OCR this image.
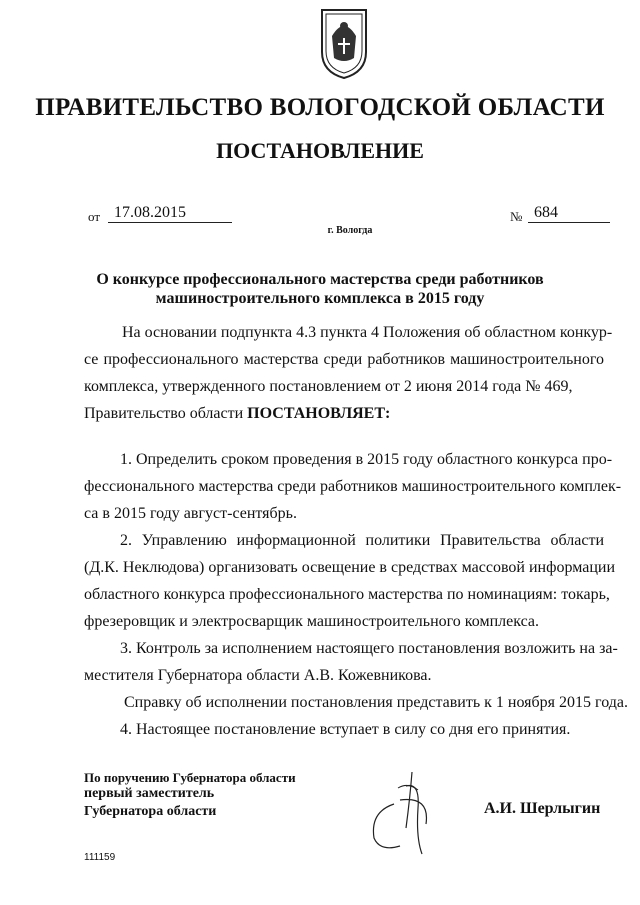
ПРАВИТЕЛЬСТВО ВОЛОГОДСКОЙ ОБЛАСТИ
ПОСТАНОВЛЕНИЕ
от 17.08.2015	№ 684
г. Вологда
О конкурсе профессионального мастерства среди работников
машиностроительного комплекса в 2015 году
На основании подпункта 4.3 пункта 4 Положения об областном конкур-
се профессионального мастерства среди работников машиностроительного
комплекса, утвержденного постановлением от 2 июня 2014 года № 469,
Правительство области ПОСТАНОВЛЯЕТ:
1. Определить сроком проведения в 2015 году областного конкурса про-
фессионального мастерства среди работников машиностроительного комплек-
са в 2015 году август-сентябрь.
2. Управлению информационной политики Правительства области
(Д.К. Неклюдова) организовать освещение в средствах массовой информации
областного конкурса профессионального мастерства по номинациям: токарь,
фрезеровщик и электросварщик машиностроительного комплекса.
3. Контроль за исполнением настоящего постановления возложить на за-
местителя Губернатора области А.В. Кожевникова.
Справку об исполнении постановления представить к 1 ноября 2015 года.
4. Настоящее постановление вступает в силу со дня его принятия.
По поручению Губернатора области
первый заместитель
Губернатора области	А.И. Шерлыгин
111159
